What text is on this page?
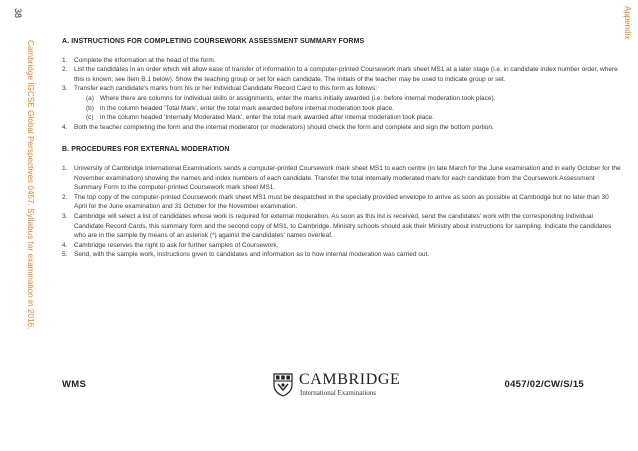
38
Cambridge IGCSE Global Perspectives 0457. Syllabus for examination in 2016.
Appendix
A. INSTRUCTIONS FOR COMPLETING COURSEWORK ASSESSMENT SUMMARY FORMS
1. Complete the information at the head of the form.
2. List the candidates in an order which will allow ease of transfer of information to a computer-printed Coursework mark sheet MS1 at a later stage (i.e. in candidate index number order, where this is known; see item B.1 below). Show the teaching group or set for each candidate. The initials of the teacher may be used to indicate group or set.
3. Transfer each candidate's marks from his or her Individual Candidate Record Card to this form as follows:
(a) Where there are columns for individual skills or assignments, enter the marks initially awarded (i.e. before internal moderation took place).
(b) In the column headed 'Total Mark', enter the total mark awarded before internal moderation took place.
(c) In the column headed 'Internally Moderated Mark', enter the total mark awarded after internal moderation took place.
4. Both the teacher completing the form and the internal moderator (or moderators) should check the form and complete and sign the bottom portion.
B. PROCEDURES FOR EXTERNAL MODERATION
1. University of Cambridge International Examinations sends a computer-printed Coursework mark sheet MS1 to each centre (in late March for the June examination and in early October for the November examination) showing the names and index numbers of each candidate. Transfer the total internally moderated mark for each candidate from the Coursework Assessment Summary Form to the computer-printed Coursework mark sheet MS1.
2. The top copy of the computer-printed Coursework mark sheet MS1 must be despatched in the specially provided envelope to arrive as soon as possible at Cambridge but no later than 30 April for the June examination and 31 October for the November examination.
3. Cambridge will select a list of candidates whose work is required for external moderation. As soon as this list is received, send the candidates' work with the corresponding Individual Candidate Record Cards, this summary form and the second copy of MS1, to Cambridge. Ministry schools should ask their Ministry about instructions for sampling. Indicate the candidates who are in the sample by means of an asterisk (*) against the candidates' names overleaf.
4. Cambridge reserves the right to ask for further samples of Coursework.
5. Send, with the sample work, instructions given to candidates and information as to how internal moderation was carried out.
WMS	CAMBRIDGE
International Examinations
0457/02/CW/S/15
